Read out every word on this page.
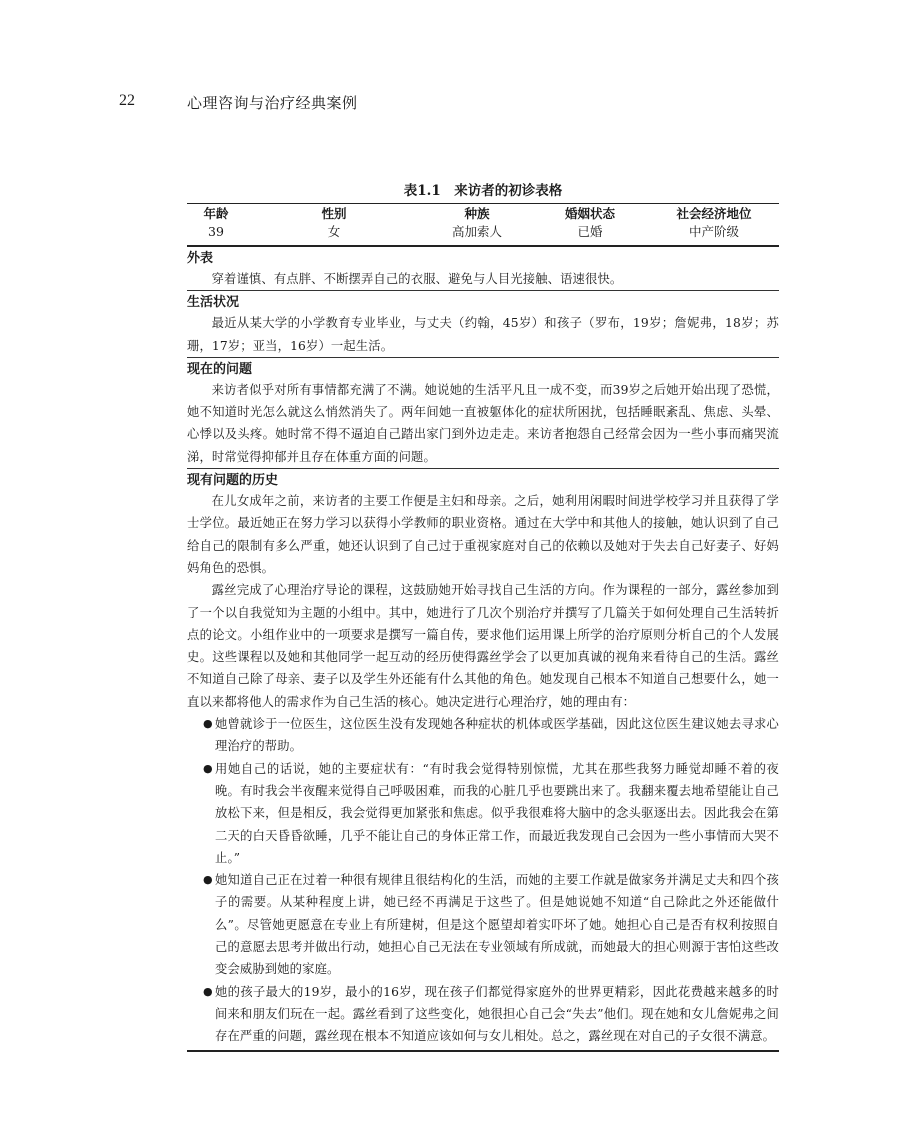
22	心理咨询与治疗经典案例
表1.1　来访者的初诊表格
年龄	性别	种族	婚姻状态	社会经济地位
39	女	高加索人	已婚	中产阶级
外表

穿着谨慎、有点胖、不断摆弄自己的衣服、避免与人目光接触、语速很快。

生活状况

最近从某大学的小学教育专业毕业，与丈夫（约翰，45岁）和孩子（罗布，19岁；詹妮弗，18岁；苏珊，17岁；亚当，16岁）一起生活。

现在的问题

来访者似乎对所有事情都充满了不满。她说她的生活平凡且一成不变，而39岁之后她开始出现了恐慌，她不知道时光怎么就这么悄然消失了。两年间她一直被躯体化的症状所困扰，包括睡眠紊乱、焦虑、头晕、心悸以及头疼。她时常不得不逼迫自己踏出家门到外边走走。来访者抱怨自己经常会因为一些小事而痛哭流涕，时常觉得抑郁并且存在体重方面的问题。

现有问题的历史

在儿女成年之前，来访者的主要工作便是主妇和母亲。之后，她利用闲暇时间进学校学习并且获得了学士学位。最近她正在努力学习以获得小学教师的职业资格。通过在大学中和其他人的接触，她认识到了自己给自己的限制有多么严重，她还认识到了自己过于重视家庭对自己的依赖以及她对于失去自己好妻子、好妈妈角色的恐惧。

露丝完成了心理治疗导论的课程，这鼓励她开始寻找自己生活的方向。作为课程的一部分，露丝参加到了一个以自我觉知为主题的小组中。其中，她进行了几次个别治疗并撰写了几篇关于如何处理自己生活转折点的论文。小组作业中的一项要求是撰写一篇自传，要求他们运用课上所学的治疗原则分析自己的个人发展史。这些课程以及她和其他同学一起互动的经历使得露丝学会了以更加真诚的视角来看待自己的生活。露丝不知道自己除了母亲、妻子以及学生外还能有什么其他的角色。她发现自己根本不知道自己想要什么，她一直以来都将他人的需求作为自己生活的核心。她决定进行心理治疗，她的理由有：

● 她曾就诊于一位医生，这位医生没有发现她各种症状的机体或医学基础，因此这位医生建议她去寻求心理治疗的帮助。
● 用她自己的话说，她的主要症状有：“有时我会觉得特别惊慌，尤其在那些我努力睡觉却睡不着的夜晚。有时我会半夜醒来觉得自己呼吸困难，而我的心脏几乎也要跳出来了。我翻来覆去地希望能让自己放松下来，但是相反，我会觉得更加紧张和焦虑。似乎我很难将大脑中的念头驱逐出去。因此我会在第二天的白天昏昏欲睡，几乎不能让自己的身体正常工作，而最近我发现自己会因为一些小事情而大哭不止。”
● 她知道自己正在过着一种很有规律且很结构化的生活，而她的主要工作就是做家务并满足丈夫和四个孩子的需要。从某种程度上讲，她已经不再满足于这些了。但是她说她不知道“自己除此之外还能做什么”。尽管她更愿意在专业上有所建树，但是这个愿望却着实吓坏了她。她担心自己是否有权利按照自己的意愿去思考并做出行动，她担心自己无法在专业领域有所成就，而她最大的担心则源于害怕这些改变会威胁到她的家庭。
● 她的孩子最大的19岁，最小的16岁，现在孩子们都觉得家庭外的世界更精彩，因此花费越来越多的时间来和朋友们玩在一起。露丝看到了这些变化，她很担心自己会“失去”他们。现在她和女儿詹妮弗之间存在严重的问题，露丝现在根本不知道应该如何与女儿相处。总之，露丝现在对自己的子女很不满意。
